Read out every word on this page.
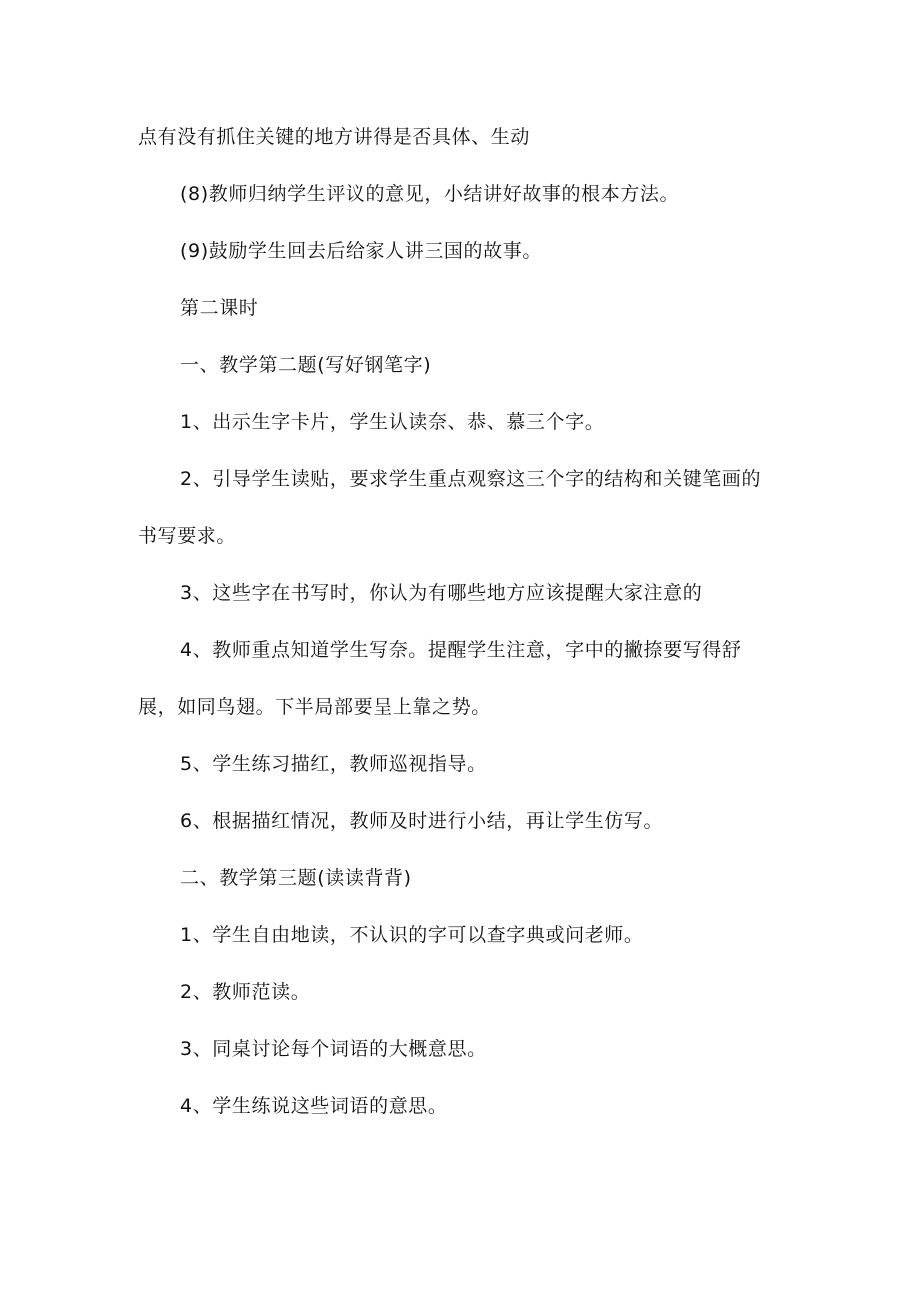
点有没有抓住关键的地方讲得是否具体、生动
(8)教师归纳学生评议的意见，小结讲好故事的根本方法。
(9)鼓励学生回去后给家人讲三国的故事。
第二课时
一、教学第二题(写好钢笔字)
1、出示生字卡片，学生认读奈、恭、慕三个字。
2、引导学生读贴，要求学生重点观察这三个字的结构和关键笔画的
书写要求。
3、这些字在书写时，你认为有哪些地方应该提醒大家注意的
4、教师重点知道学生写奈。提醒学生注意，字中的撇捺要写得舒
展，如同鸟翅。下半局部要呈上靠之势。
5、学生练习描红，教师巡视指导。
6、根据描红情况，教师及时进行小结，再让学生仿写。
二、教学第三题(读读背背)
1、学生自由地读，不认识的字可以查字典或问老师。
2、教师范读。
3、同桌讨论每个词语的大概意思。
4、学生练说这些词语的意思。
